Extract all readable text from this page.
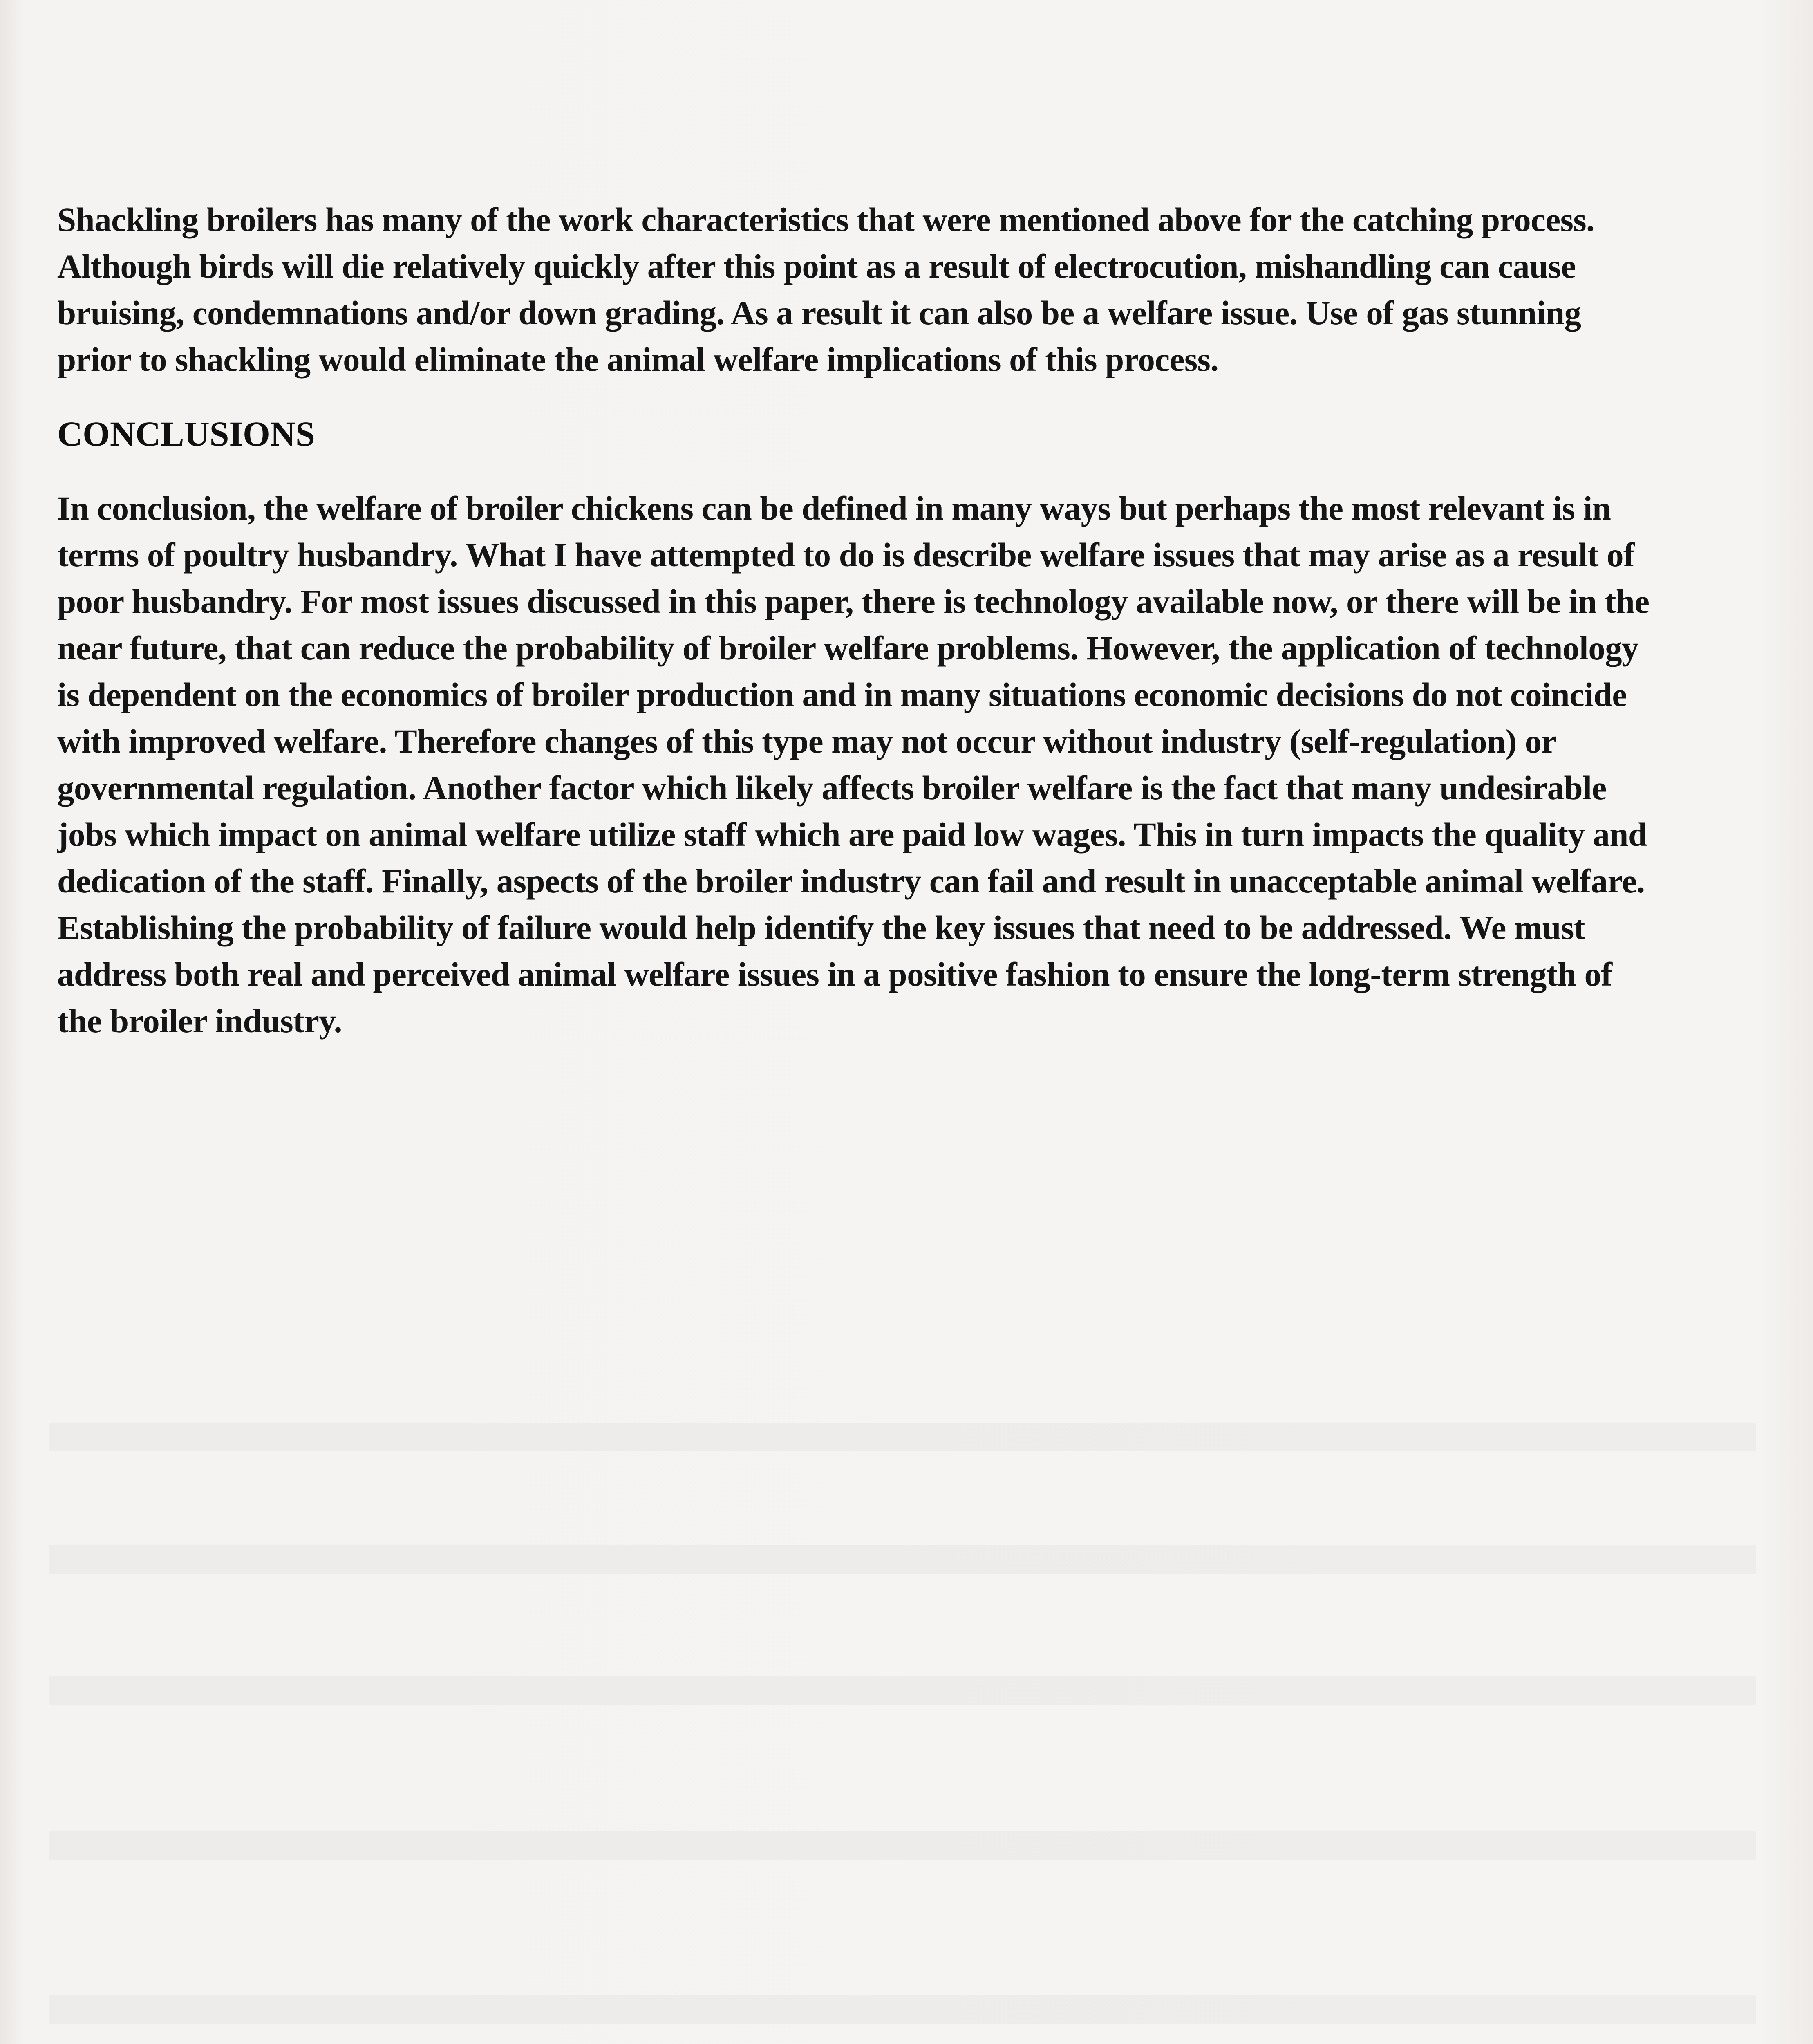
Shackling broilers has many of the work characteristics that were mentioned above for the catching process. Although birds will die relatively quickly after this point as a result of electrocution, mishandling can cause bruising, condemnations and/or down grading. As a result it can also be a welfare issue. Use of gas stunning prior to shackling would eliminate the animal welfare implications of this process.

CONCLUSIONS

In conclusion, the welfare of broiler chickens can be defined in many ways but perhaps the most relevant is in terms of poultry husbandry. What I have attempted to do is describe welfare issues that may arise as a result of poor husbandry. For most issues discussed in this paper, there is technology available now, or there will be in the near future, that can reduce the probability of broiler welfare problems. However, the application of technology is dependent on the economics of broiler production and in many situations economic decisions do not coincide with improved welfare. Therefore changes of this type may not occur without industry (self-regulation) or governmental regulation. Another factor which likely affects broiler welfare is the fact that many undesirable jobs which impact on animal welfare utilize staff which are paid low wages. This in turn impacts the quality and dedication of the staff. Finally, aspects of the broiler industry can fail and result in unacceptable animal welfare. Establishing the probability of failure would help identify the key issues that need to be addressed. We must address both real and perceived animal welfare issues in a positive fashion to ensure the long-term strength of the broiler industry.
